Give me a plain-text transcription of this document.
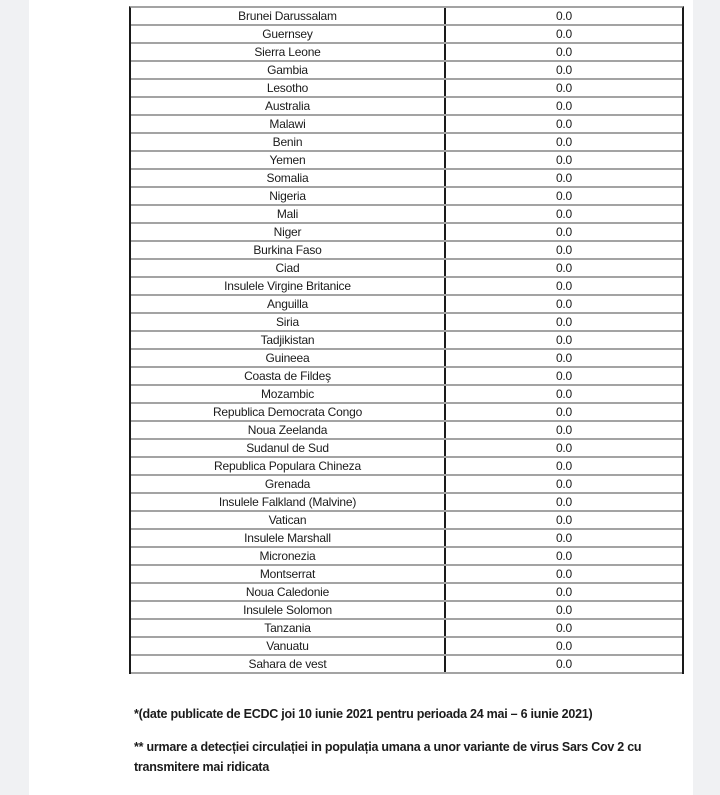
Brunei Darussalam	0.0
Guernsey	0.0
Sierra Leone	0.0
Gambia	0.0
Lesotho	0.0
Australia	0.0
Malawi	0.0
Benin	0.0
Yemen	0.0
Somalia	0.0
Nigeria	0.0
Mali	0.0
Niger	0.0
Burkina Faso	0.0
Ciad	0.0
Insulele Virgine Britanice	0.0
Anguilla	0.0
Siria	0.0
Tadjikistan	0.0
Guineea	0.0
Coasta de Fildeş	0.0
Mozambic	0.0
Republica Democrata Congo	0.0
Noua Zeelanda	0.0
Sudanul de Sud	0.0
Republica Populara Chineza	0.0
Grenada	0.0
Insulele Falkland (Malvine)	0.0
Vatican	0.0
Insulele Marshall	0.0
Micronezia	0.0
Montserrat	0.0
Noua Caledonie	0.0
Insulele Solomon	0.0
Tanzania	0.0
Vanuatu	0.0
Sahara de vest	0.0
*(date publicate de ECDC joi 10 iunie 2021 pentru perioada 24 mai – 6 iunie 2021)
** urmare a detecției circulației in populația umana a unor variante de virus Sars Cov 2 cu
transmitere mai ridicata
